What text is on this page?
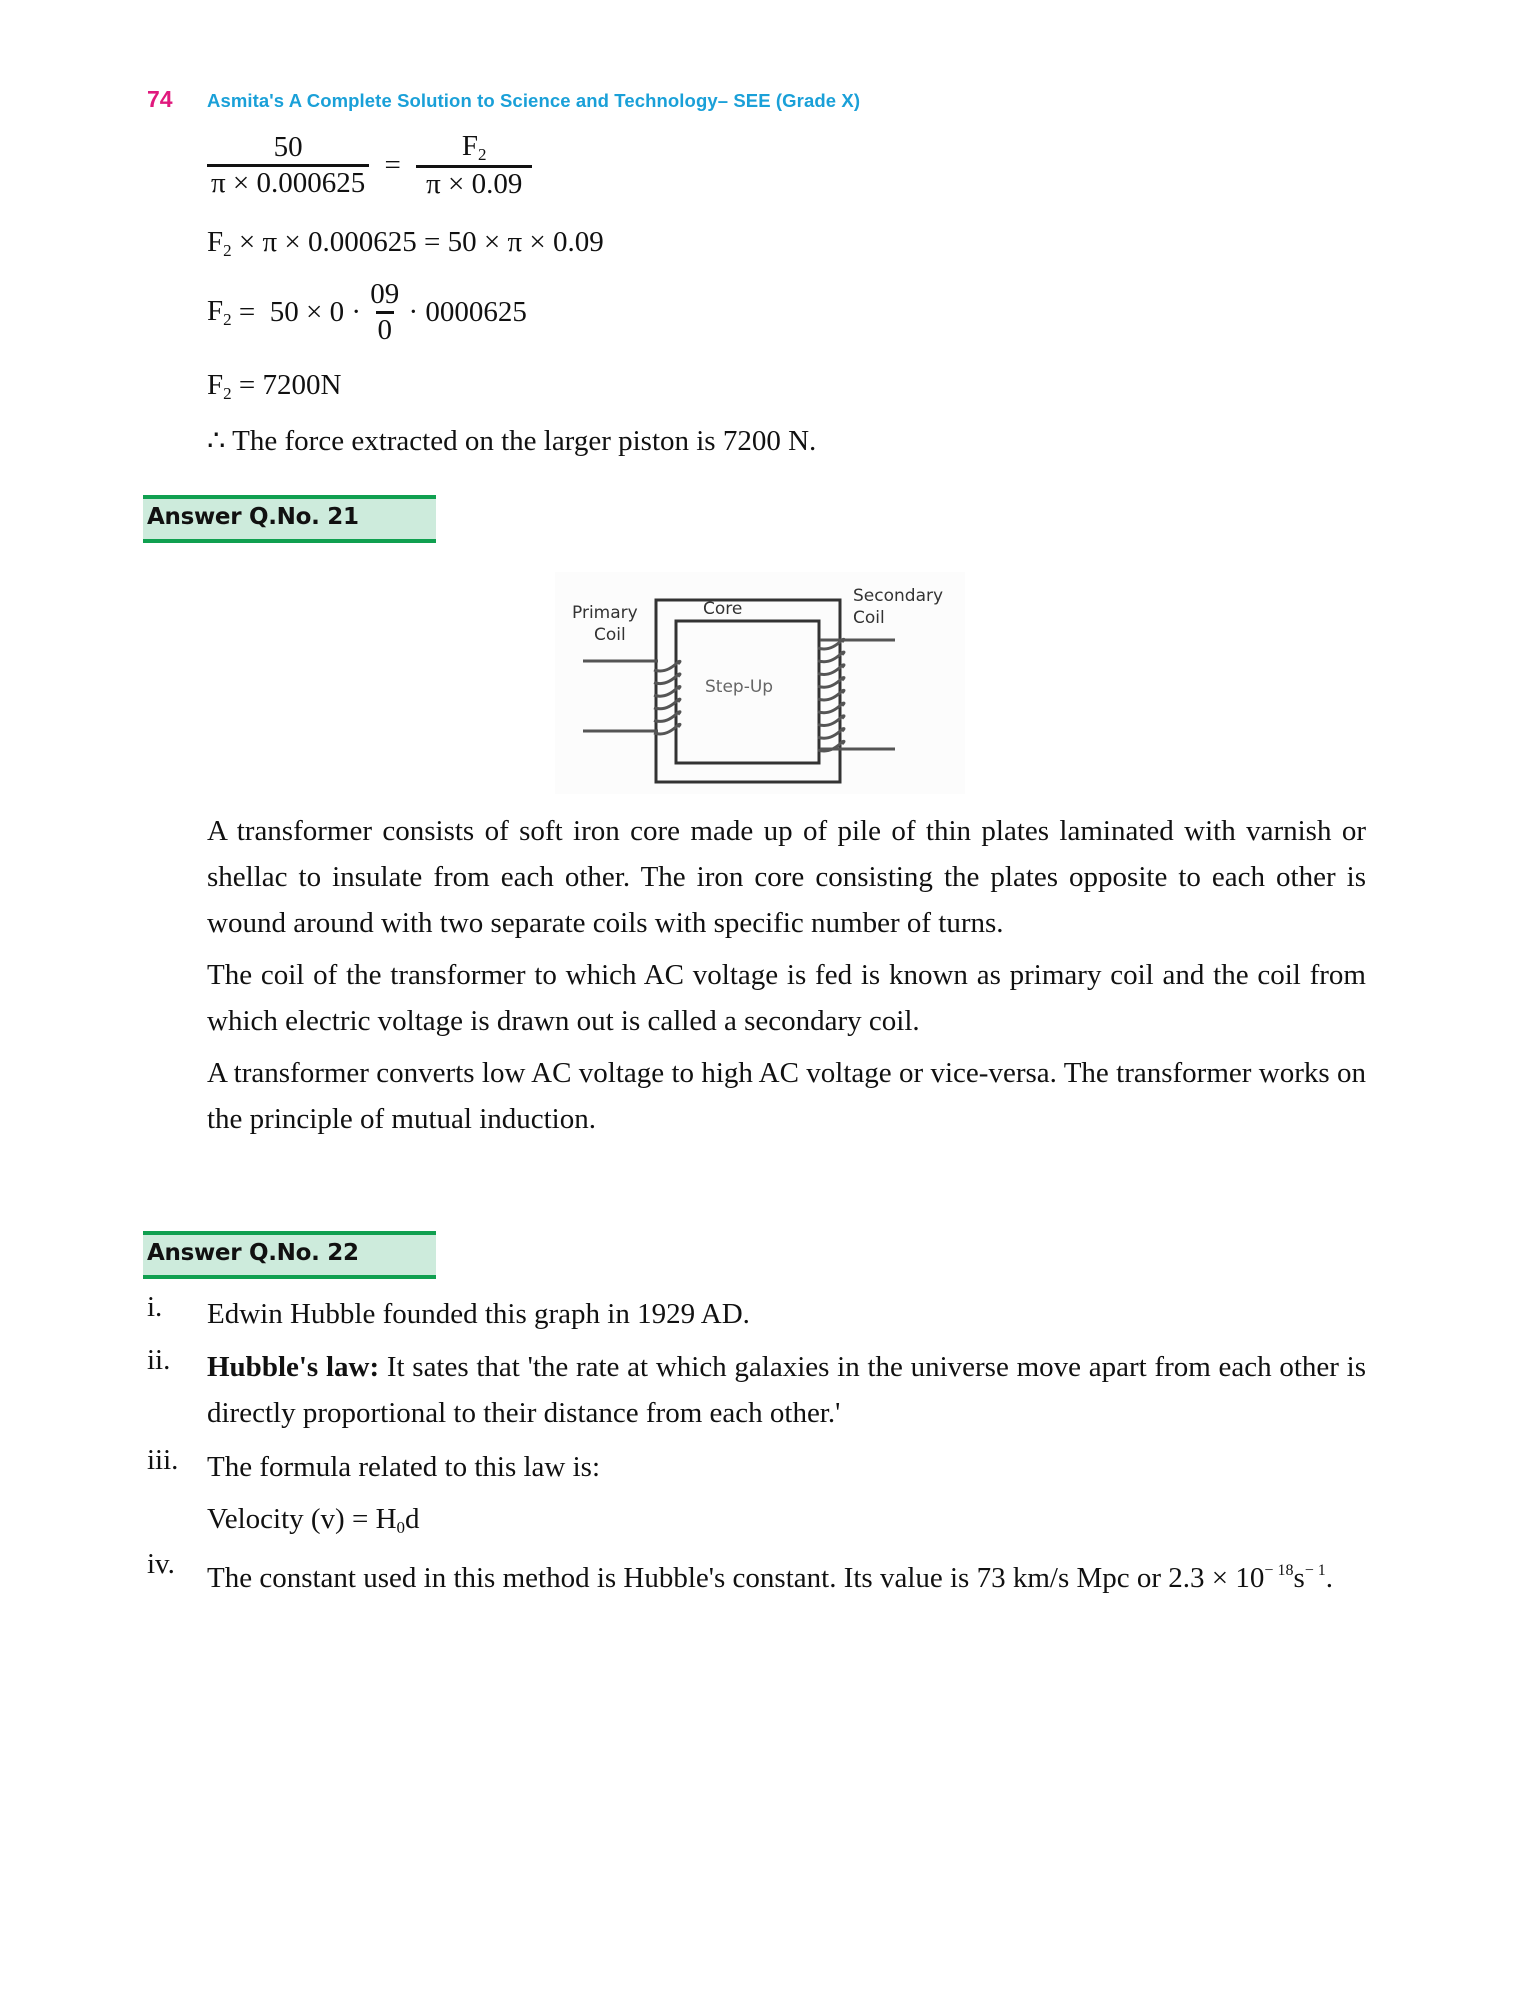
74 Asmita's A Complete Solution to Science and Technology– SEE (Grade X)
$\frac{50}{\pi \times 0.000625} = \frac{F_2}{\pi \times 0.09}$
$F_2 \times \pi \times 0.000625 = 50 \times \pi \times 0.09$
$F_2 = 50 \times 0 \cdot \frac{09}{0} \cdot 0000625$
$F_2 = 7200N$
∴ The force extracted on the larger piston is 7200 N.
Answer Q.No. 21
Core
Primary
Coil
Secondary
Coil
Step-Up

A transformer consists of soft iron core made up of pile of thin plates laminated with varnish or shellac to insulate from each other. The iron core consisting the plates opposite to each other is wound around with two separate coils with specific number of turns.

The coil of the transformer to which AC voltage is fed is known as primary coil and the coil from which electric voltage is drawn out is called a secondary coil.

A transformer converts low AC voltage to high AC voltage or vice-versa. The transformer works on the principle of mutual induction.

Answer Q.No. 22
i. Edwin Hubble founded this graph in 1929 AD.
ii. Hubble's law: It sates that 'the rate at which galaxies in the universe move apart from each other is directly proportional to their distance from each other.'
iii. The formula related to this law is:
Velocity $(v) = H_0d$
iv. The constant used in this method is Hubble's constant. Its value is 73 km/s Mpc or $2.3 \times 10^{- 18}s^{- 1}$.
